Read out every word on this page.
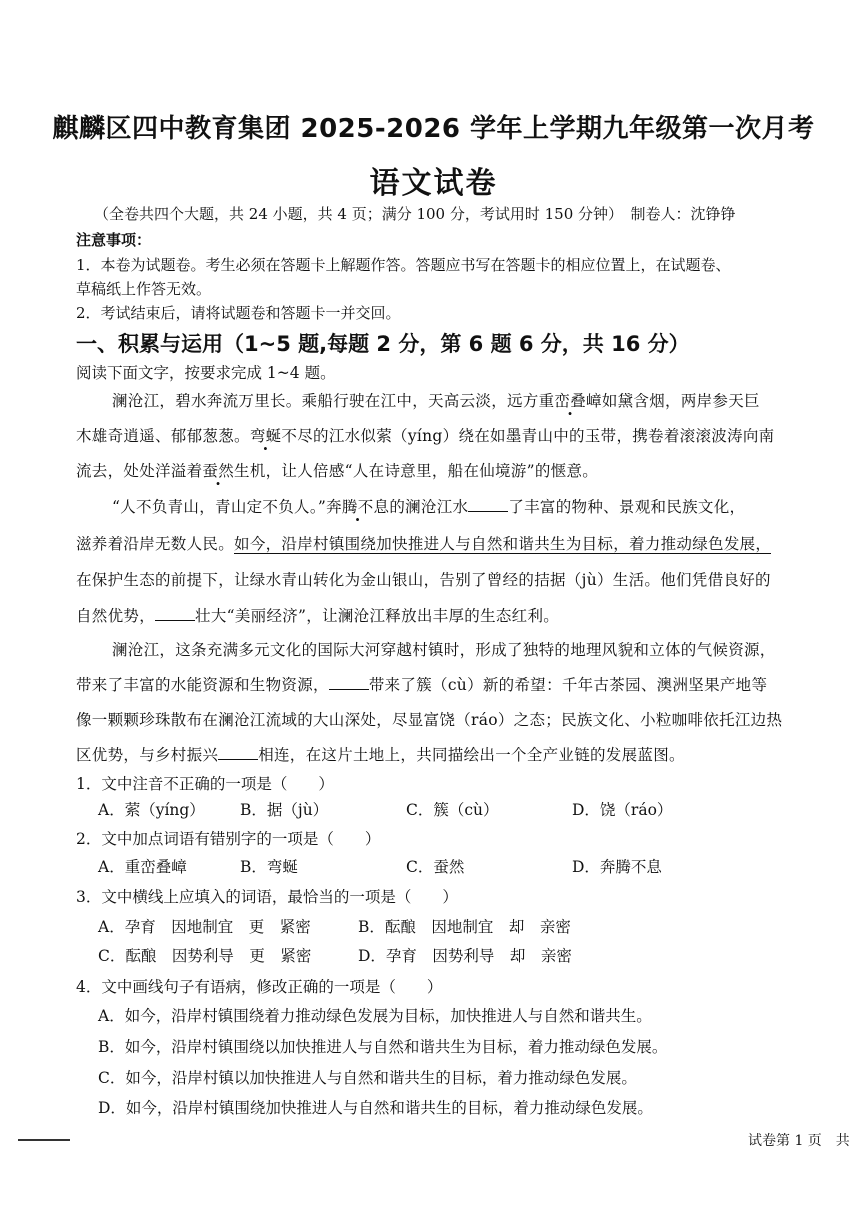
麒麟区四中教育集团 2025-2026 学年上学期九年级第一次月考
语文试卷
（全卷共四个大题，共 24 小题，共 4 页；满分 100 分，考试用时 150 分钟）　制卷人：沈铮铮
注意事项：
1．本卷为试题卷。考生必须在答题卡上解题作答。答题应书写在答题卡的相应位置上，在试题卷、
草稿纸上作答无效。
2．考试结束后，请将试题卷和答题卡一并交回。
一、积累与运用（1~5 题,每题 2 分，第 6 题 6 分，共 16 分）
阅读下面文字，按要求完成 1~4 题。
澜沧江，碧水奔流万里长。乘船行驶在江中，天高云淡，远方重峦叠嶂如黛含烟，两岸参天巨
木雄奇逍遥、郁郁葱葱。弯蜒不尽的江水似萦（yíng）绕在如墨青山中的玉带，携卷着滚滚波涛向南
流去，处处洋溢着蚕然生机，让人倍感“人在诗意里，船在仙境游”的惬意。
“人不负青山，青山定不负人。”奔腾不息的澜沧江水	了丰富的物种、景观和民族文化，
滋养着沿岸无数人民。如今，沿岸村镇围绕加快推进人与自然和谐共生为目标，着力推动绿色发展，
在保护生态的前提下，让绿水青山转化为金山银山，告别了曾经的拮据（jù）生活。他们凭借良好的
自然优势，	壮大“美丽经济”，让澜沧江释放出丰厚的生态红利。
澜沧江，这条充满多元文化的国际大河穿越村镇时，形成了独特的地理风貌和立体的气候资源，
带来了丰富的水能资源和生物资源，	带来了簇（cù）新的希望：千年古茶园、澳洲坚果产地等
像一颗颗珍珠散布在澜沧江流域的大山深处，尽显富饶（ráo）之态；民族文化、小粒咖啡依托江边热
区优势，与乡村振兴	相连，在这片土地上，共同描绘出一个全产业链的发展蓝图。
1．文中注音不正确的一项是（　　）
A．萦（yíng） B．据（jù）	C．簇（cù）	D．饶（ráo）
2．文中加点词语有错别字的一项是（　　）
A．重峦叠嶂	B．弯蜒	C．蚕然	D．奔腾不息
3．文中横线上应填入的词语，最恰当的一项是（　　）
A．孕育　因地制宜　更　紧密	B．酝酿　因地制宜　却　亲密
C．酝酿　因势利导　更　紧密	D．孕育　因势利导　却　亲密
4．文中画线句子有语病，修改正确的一项是（　　）
A．如今，沿岸村镇围绕着力推动绿色发展为目标，加快推进人与自然和谐共生。
B．如今，沿岸村镇围绕以加快推进人与自然和谐共生为目标，着力推动绿色发展。
C．如今，沿岸村镇以加快推进人与自然和谐共生的目标，着力推动绿色发展。
D．如今，沿岸村镇围绕加快推进人与自然和谐共生的目标，着力推动绿色发展。
试卷第 1 页　共
